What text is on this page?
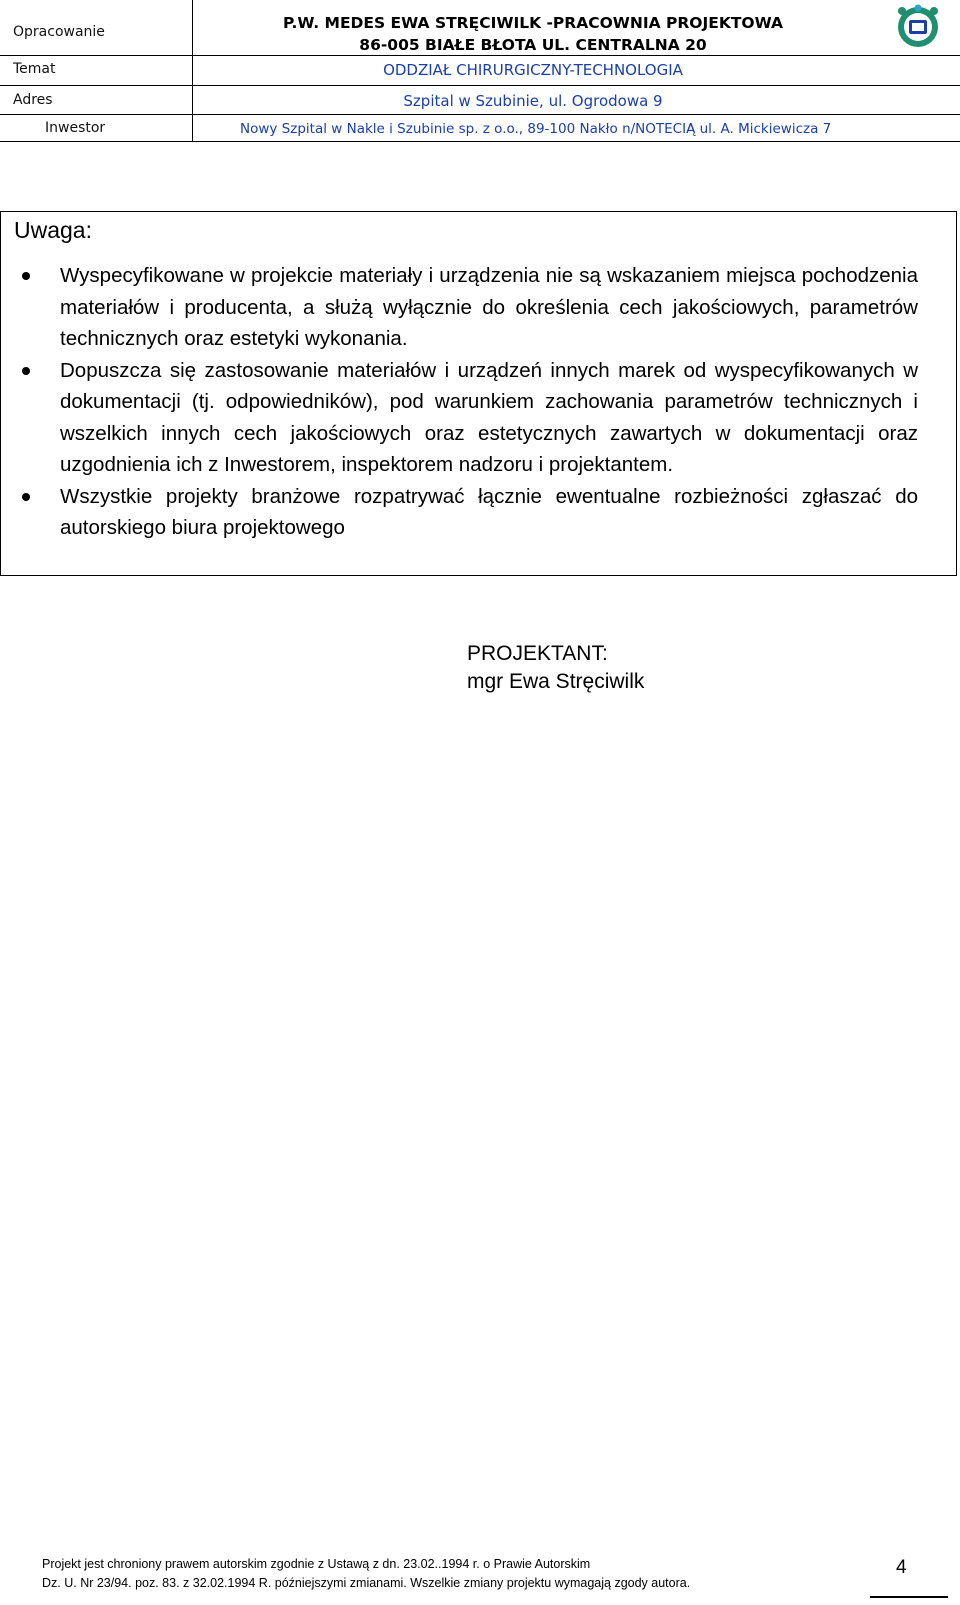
Opracowanie	P.W. MEDES EWA STRĘCIWILK -PRACOWNIA PROJEKTOWA
86-005 BIAŁE BŁOTA UL. CENTRALNA 20
Temat	ODDZIAŁ CHIRURGICZNY-TECHNOLOGIA
Adres	Szpital w Szubinie, ul. Ogrodowa 9
Inwestor	Nowy Szpital w Nakle i Szubinie sp. z o.o., 89-100 Nakło n/NOTECIĄ ul. A. Mickiewicza 7
Uwaga:
Wyspecyfikowane w projekcie materiały i urządzenia nie są wskazaniem miejsca pochodzenia materiałów i producenta, a służą wyłącznie do określenia cech jakościowych, parametrów technicznych oraz estetyki wykonania.
Dopuszcza się zastosowanie materiałów i urządzeń innych marek od wyspecyfikowanych w dokumentacji (tj. odpowiedników), pod warunkiem zachowania parametrów technicznych i wszelkich innych cech jakościowych oraz estetycznych zawartych w dokumentacji oraz uzgodnienia ich z Inwestorem, inspektorem nadzoru i projektantem.
Wszystkie projekty branżowe rozpatrywać łącznie ewentualne rozbieżności zgłaszać do autorskiego biura projektowego
PROJEKTANT:
mgr Ewa Stręciwilk
Projekt jest chroniony prawem autorskim zgodnie z Ustawą z dn. 23.02..1994 r. o Prawie Autorskim
Dz. U. Nr 23/94. poz. 83. z 32.02.1994 R. późniejszymi zmianami. Wszelkie zmiany projektu wymagają zgody autora.
4
